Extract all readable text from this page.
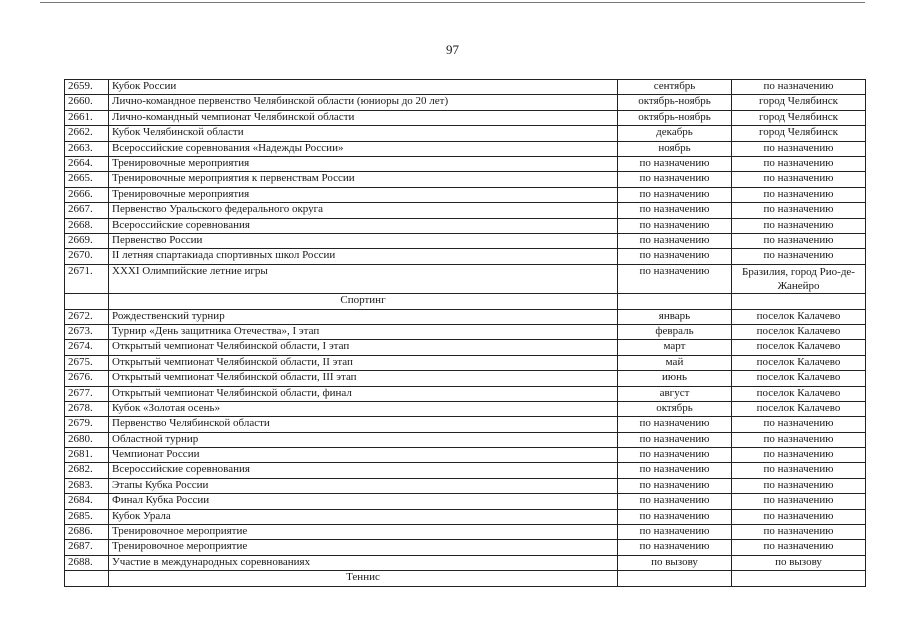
97
2659.	Кубок России	сентябрь	по назначению
2660.	Лично-командное первенство Челябинской области (юниоры до 20 лет)	октябрь-ноябрь	город Челябинск
2661.	Лично-командный чемпионат Челябинской области	октябрь-ноябрь	город Челябинск
2662.	Кубок Челябинской области	декабрь	город Челябинск
2663.	Всероссийские соревнования «Надежды России»	ноябрь	по назначению
2664.	Тренировочные мероприятия	по назначению	по назначению
2665.	Тренировочные мероприятия к первенствам России	по назначению	по назначению
2666.	Тренировочные мероприятия	по назначению	по назначению
2667.	Первенство Уральского федерального округа	по назначению	по назначению
2668.	Всероссийские соревнования	по назначению	по назначению
2669.	Первенство России	по назначению	по назначению
2670.	II летняя спартакиада спортивных школ России	по назначению	по назначению
2671.	XXXI Олимпийские летние игры	по назначению	Бразилия, город Рио-де-Жанейро
	Спортинг		
2672.	Рождественский турнир	январь	поселок Калачево
2673.	Турнир «День защитника Отечества», I этап	февраль	поселок Калачево
2674.	Открытый чемпионат Челябинской области, I этап	март	поселок Калачево
2675.	Открытый чемпионат Челябинской области, II этап	май	поселок Калачево
2676.	Открытый чемпионат Челябинской области, III этап	июнь	поселок Калачево
2677.	Открытый чемпионат Челябинской области, финал	август	поселок Калачево
2678.	Кубок «Золотая осень»	октябрь	поселок Калачево
2679.	Первенство Челябинской области	по назначению	по назначению
2680.	Областной турнир	по назначению	по назначению
2681.	Чемпионат России	по назначению	по назначению
2682.	Всероссийские соревнования	по назначению	по назначению
2683.	Этапы Кубка России	по назначению	по назначению
2684.	Финал Кубка России	по назначению	по назначению
2685.	Кубок Урала	по назначению	по назначению
2686.	Тренировочное мероприятие	по назначению	по назначению
2687.	Тренировочное мероприятие	по назначению	по назначению
2688.	Участие в международных соревнованиях	по вызову	по вызову
	Теннис		
